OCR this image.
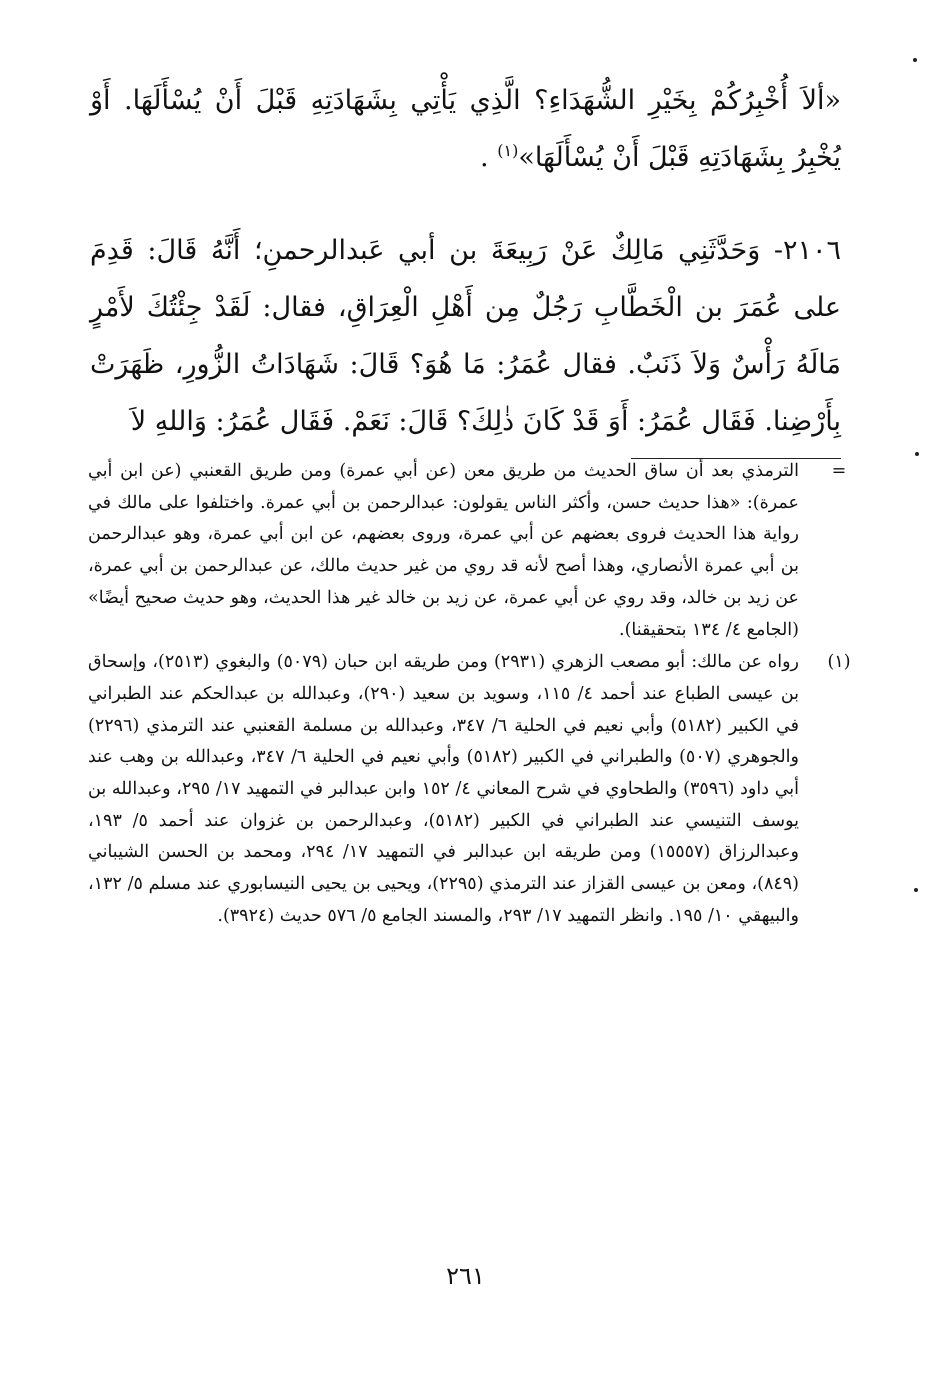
«ألاَ أُخْبِرُكُمْ بِخَيْرِ الشُّهَدَاءِ؟ الَّذِي يَأْتِي بِشَهَادَتِهِ قَبْلَ أَنْ يُسْأَلَهَا. أَوْ يُخْبِرُ بِشَهَادَتِهِ قَبْلَ أَنْ يُسْأَلَهَا»$^{(١)}$ .

٢١٠٦- وَحَدَّثَنِي مَالِكٌ عَنْ رَبِيعَةَ بن أبي عَبدالرحمنِ؛ أَنَّهُ قَالَ: قَدِمَ على عُمَرَ بن الْخَطَّابِ رَجُلٌ مِن أَهْلِ الْعِرَاقِ، فقال: لَقَدْ جِئْتُكَ لأَمْرٍ مَالَهُ رَأْسٌ وَلاَ ذَنَبٌ. فقال عُمَرُ: مَا هُوَ؟ قَالَ: شَهَادَاتُ الزُّورِ، ظَهَرَتْ بِأَرْضِنا. فَقَال عُمَرُ: أَوَ قَدْ كَانَ ذٰلِكَ؟ قَالَ: نَعَمْ. فَقَال عُمَرُ: وَاللهِ لاَ

=
الترمذي بعد أن ساق الحديث من طريق معن (عن أبي عمرة) ومن طريق القعنبي (عن ابن أبي عمرة): «هذا حديث حسن، وأكثر الناس يقولون: عبدالرحمن بن أبي عمرة. واختلفوا على مالك في رواية هذا الحديث فروى بعضهم عن أبي عمرة، وروى بعضهم، عن ابن أبي عمرة، وهو عبدالرحمن بن أبي عمرة الأنصاري، وهذا أصح لأنه قد روي من غير حديث مالك، عن عبدالرحمن بن أبي عمرة، عن زيد بن خالد، وقد روي عن أبي عمرة، عن زيد بن خالد غير هذا الحديث، وهو حديث صحيح أيضًا» (الجامع ٤/ ١٣٤ بتحقيقنا).
(١)
رواه عن مالك: أبو مصعب الزهري (٢٩٣١) ومن طريقه ابن حبان (٥٠٧٩) والبغوي (٢٥١٣)، وإسحاق بن عيسى الطباع عند أحمد ٤/ ١١٥، وسويد بن سعيد (٢٩٠)، وعبدالله بن عبدالحكم عند الطبراني في الكبير (٥١٨٢) وأبي نعيم في الحلية ٦/ ٣٤٧، وعبدالله بن مسلمة القعنبي عند الترمذي (٢٢٩٦) والجوهري (٥٠٧) والطبراني في الكبير (٥١٨٢) وأبي نعيم في الحلية ٦/ ٣٤٧، وعبدالله بن وهب عند أبي داود (٣٥٩٦) والطحاوي في شرح المعاني ٤/ ١٥٢ وابن عبدالبر في التمهيد ١٧/ ٢٩٥، وعبدالله بن يوسف التنيسي عند الطبراني في الكبير (٥١٨٢)، وعبدالرحمن بن غزوان عند أحمد ٥/ ١٩٣، وعبدالرزاق (١٥٥٥٧) ومن طريقه ابن عبدالبر في التمهيد ١٧/ ٢٩٤، ومحمد بن الحسن الشيباني (٨٤٩)، ومعن بن عيسى القزاز عند الترمذي (٢٢٩٥)، ويحيى بن يحيى النيسابوري عند مسلم ٥/ ١٣٢، والبيهقي ١٠/ ١٩٥. وانظر التمهيد ١٧/ ٢٩٣، والمسند الجامع ٥/ ٥٧٦ حديث (٣٩٢٤).
٢٦١
